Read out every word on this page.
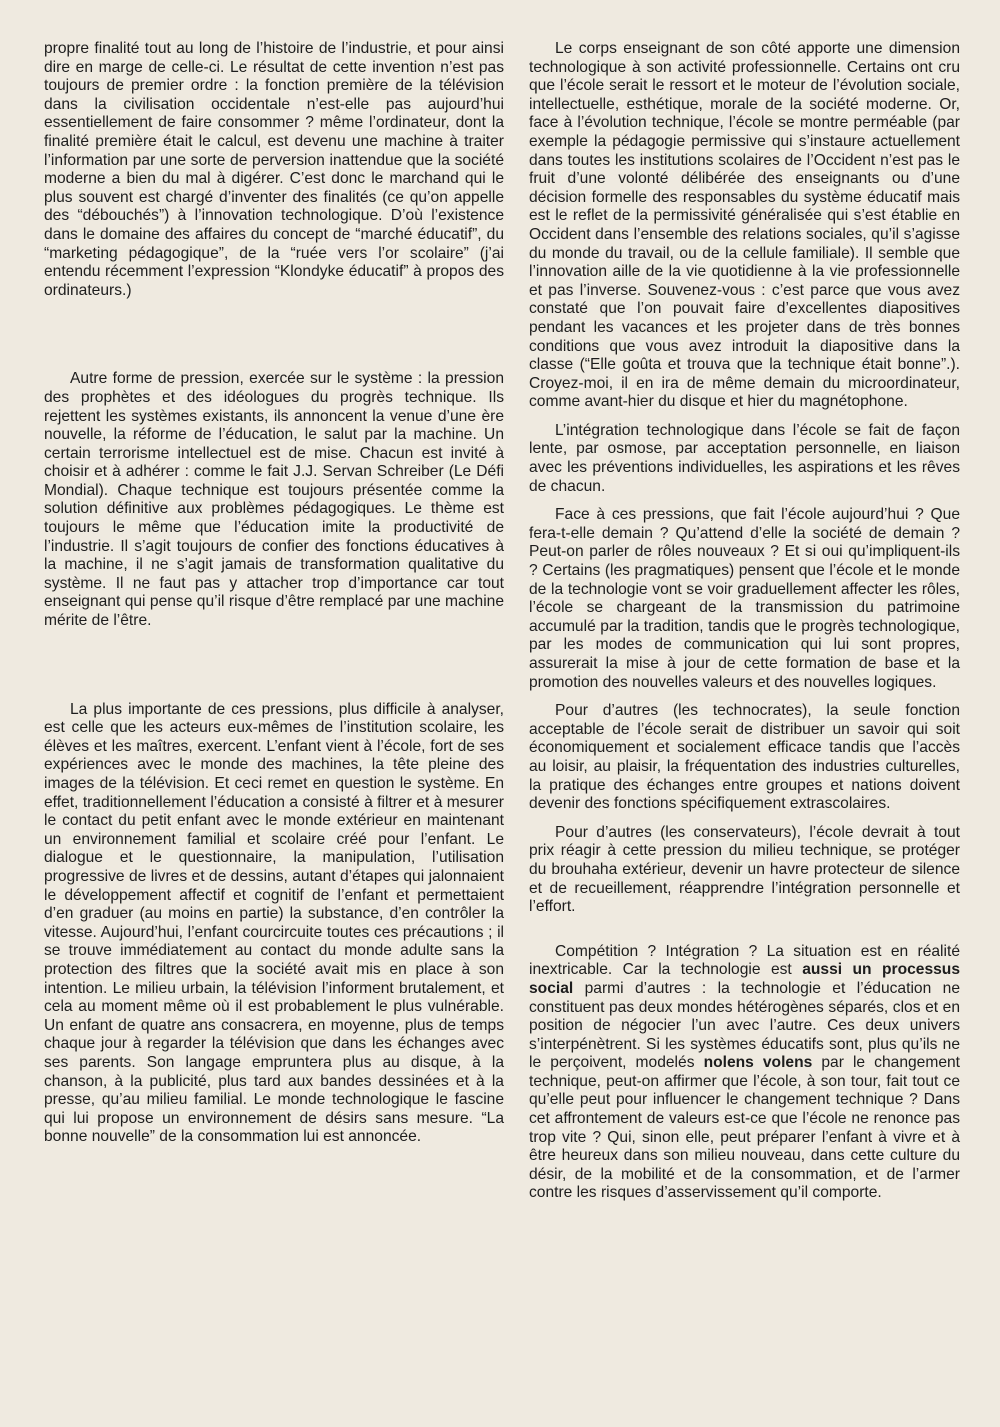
propre finalité tout au long de l’histoire de l’industrie, et pour ainsi dire en marge de celle-ci. Le résultat de cette invention n’est pas toujours de premier ordre : la fonction première de la télévision dans la civilisation occidentale n’est-elle pas aujourd’hui essentiellement de faire consommer ? même l’ordinateur, dont la finalité première était le calcul, est devenu une machine à traiter l’information par une sorte de perversion inattendue que la société moderne a bien du mal à digérer. C’est donc le marchand qui le plus souvent est chargé d’inventer des finalités (ce qu’on appelle des “débouchés”) à l’innovation technologique. D’où l’existence dans le domaine des affaires du concept de “marché éducatif”, du “marketing pédagogique”, de la “ruée vers l’or scolaire” (j’ai entendu récemment l’expression “Klondyke éducatif” à propos des ordinateurs.)

Autre forme de pression, exercée sur le système : la pression des prophètes et des idéologues du progrès technique. Ils rejettent les systèmes existants, ils annoncent la venue d’une ère nouvelle, la réforme de l’éducation, le salut par la machine. Un certain terrorisme intellectuel est de mise. Chacun est invité à choisir et à adhérer : comme le fait J.J. Servan Schreiber (Le Défi Mondial). Chaque technique est toujours présentée comme la solution définitive aux problèmes pédagogiques. Le thème est toujours le même que l’éducation imite la productivité de l’industrie. Il s’agit toujours de confier des fonctions éducatives à la machine, il ne s’agit jamais de transformation qualitative du système. Il ne faut pas y attacher trop d’importance car tout enseignant qui pense qu’il risque d’être remplacé par une machine mérite de l’être.

La plus importante de ces pressions, plus difficile à analyser, est celle que les acteurs eux-mêmes de l’institution scolaire, les élèves et les maîtres, exercent. L’enfant vient à l’école, fort de ses expériences avec le monde des machines, la tête pleine des images de la télévision. Et ceci remet en question le système. En effet, traditionnellement l’éducation a consisté à filtrer et à mesurer le contact du petit enfant avec le monde extérieur en maintenant un environnement familial et scolaire créé pour l’enfant. Le dialogue et le questionnaire, la manipulation, l’utilisation progressive de livres et de dessins, autant d’étapes qui jalonnaient le développement affectif et cognitif de l’enfant et permettaient d’en graduer (au moins en partie) la substance, d’en contrôler la vitesse. Aujourd’hui, l’enfant courcircuite toutes ces précautions ; il se trouve immédiatement au contact du monde adulte sans la protection des filtres que la société avait mis en place à son intention. Le milieu urbain, la télévision l’informent brutalement, et cela au moment même où il est probablement le plus vulnérable. Un enfant de quatre ans consacrera, en moyenne, plus de temps chaque jour à regarder la télévision que dans les échanges avec ses parents. Son langage empruntera plus au disque, à la chanson, à la publicité, plus tard aux bandes dessinées et à la presse, qu’au milieu familial. Le monde technologique le fascine qui lui propose un environnement de désirs sans mesure. “La bonne nouvelle” de la consommation lui est annoncée.

Le corps enseignant de son côté apporte une dimension technologique à son activité professionnelle. Certains ont cru que l’école serait le ressort et le moteur de l’évolution sociale, intellectuelle, esthétique, morale de la société moderne. Or, face à l’évolution technique, l’école se montre perméable (par exemple la pédagogie permissive qui s’instaure actuellement dans toutes les institutions scolaires de l’Occident n’est pas le fruit d’une volonté délibérée des enseignants ou d’une décision formelle des responsables du système éducatif mais est le reflet de la permissivité généralisée qui s’est établie en Occident dans l’ensemble des relations sociales, qu’il s’agisse du monde du travail, ou de la cellule familiale). Il semble que l’innovation aille de la vie quotidienne à la vie professionnelle et pas l’inverse. Souvenez-vous : c’est parce que vous avez constaté que l’on pouvait faire d’excellentes diapositives pendant les vacances et les projeter dans de très bonnes conditions que vous avez introduit la diapositive dans la classe (“Elle goûta et trouva que la technique était bonne”.). Croyez-moi, il en ira de même demain du microordinateur, comme avant-hier du disque et hier du magnétophone.

L’intégration technologique dans l’école se fait de façon lente, par osmose, par acceptation personnelle, en liaison avec les préventions individuelles, les aspirations et les rêves de chacun.

Face à ces pressions, que fait l’école aujourd’hui ? Que fera-t-elle demain ? Qu’attend d’elle la société de demain ? Peut-on parler de rôles nouveaux ? Et si oui qu’impliquent-ils ? Certains (les pragmatiques) pensent que l’école et le monde de la technologie vont se voir graduellement affecter les rôles, l’école se chargeant de la transmission du patrimoine accumulé par la tradition, tandis que le progrès technologique, par les modes de communication qui lui sont propres, assurerait la mise à jour de cette formation de base et la promotion des nouvelles valeurs et des nouvelles logiques.

Pour d’autres (les technocrates), la seule fonction acceptable de l’école serait de distribuer un savoir qui soit économiquement et socialement efficace tandis que l’accès au loisir, au plaisir, la fréquentation des industries culturelles, la pratique des échanges entre groupes et nations doivent devenir des fonctions spécifiquement extrascolaires.

Pour d’autres (les conservateurs), l’école devrait à tout prix réagir à cette pression du milieu technique, se protéger du brouhaha extérieur, devenir un havre protecteur de silence et de recueillement, réapprendre l’intégration personnelle et l’effort.

Compétition ? Intégration ? La situation est en réalité inextricable. Car la technologie est aussi un processus social parmi d’autres : la technologie et l’éducation ne constituent pas deux mondes hétérogènes séparés, clos et en position de négocier l’un avec l’autre. Ces deux univers s’interpénètrent. Si les systèmes éducatifs sont, plus qu’ils ne le perçoivent, modelés nolens volens par le changement technique, peut-on affirmer que l’école, à son tour, fait tout ce qu’elle peut pour influencer le changement technique ? Dans cet affrontement de valeurs est-ce que l’école ne renonce pas trop vite ? Qui, sinon elle, peut préparer l’enfant à vivre et à être heureux dans son milieu nouveau, dans cette culture du désir, de la mobilité et de la consommation, et de l’armer contre les risques d’asservissement qu’il comporte.
